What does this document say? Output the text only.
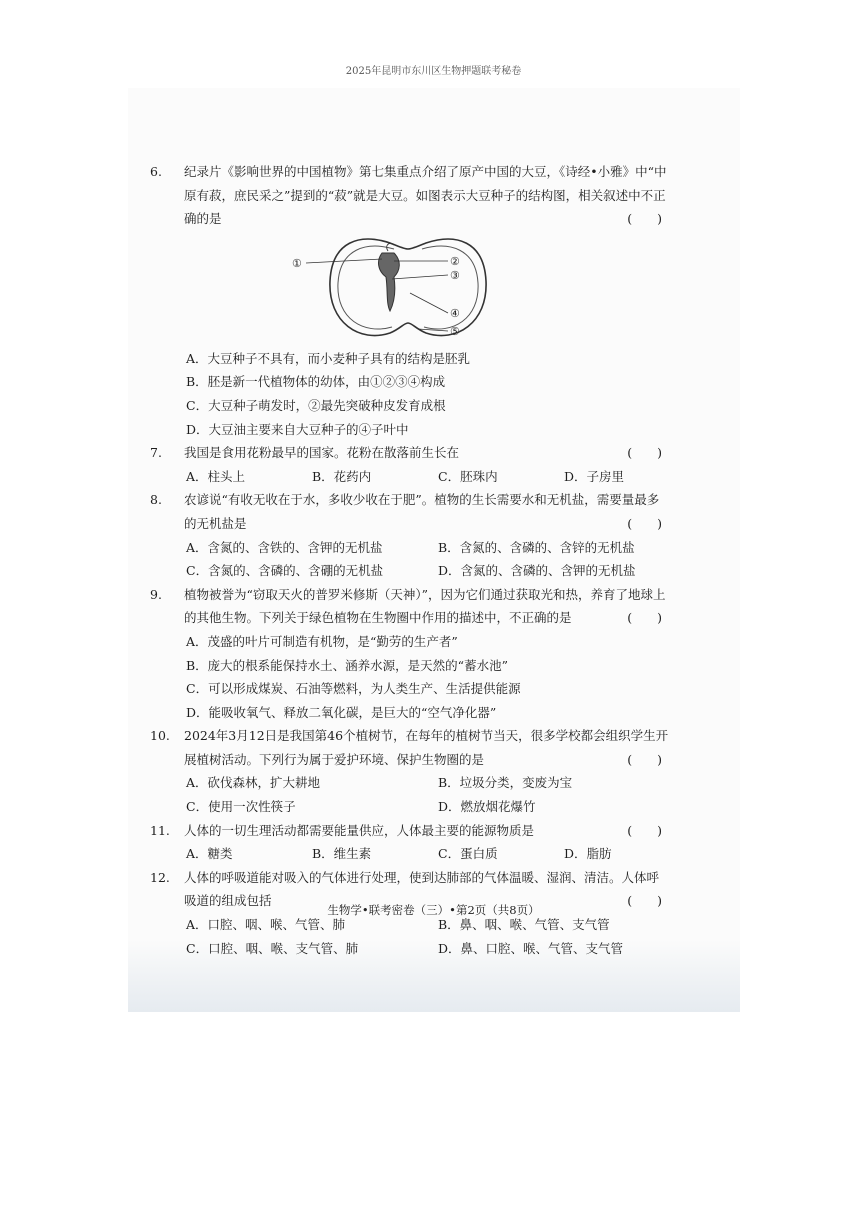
2025年昆明市东川区生物押题联考秘卷
6. 纪录片《影响世界的中国植物》第七集重点介绍了原产中国的大豆，《诗经•小雅》中“中原有菽，庶民采之”提到的“菽”就是大豆。如图表示大豆种子的结构图，相关叙述中不正确的是	(  )
①	②
③
④
⑤
A．大豆种子不具有，而小麦种子具有的结构是胚乳
B．胚是新一代植物体的幼体，由①②③④构成
C．大豆种子萌发时，②最先突破种皮发育成根
D．大豆油主要来自大豆种子的④子叶中
7. 我国是食用花粉最早的国家。花粉在散落前生长在	(  )
A．柱头上	B．花药内	C．胚珠内	D．子房里
8. 农谚说“有收无收在于水，多收少收在于肥”。植物的生长需要水和无机盐，需要量最多的无机盐是	(  )
A．含氮的、含铁的、含钾的无机盐	B．含氮的、含磷的、含锌的无机盐
C．含氮的、含磷的、含硼的无机盐	D．含氮的、含磷的、含钾的无机盐
9. 植物被誉为“窃取天火的普罗米修斯（天神）”，因为它们通过获取光和热，养育了地球上的其他生物。下列关于绿色植物在生物圈中作用的描述中，不正确的是	(  )
A．茂盛的叶片可制造有机物，是“勤劳的生产者”
B．庞大的根系能保持水土、涵养水源，是天然的“蓄水池”
C．可以形成煤炭、石油等燃料，为人类生产、生活提供能源
D．能吸收氧气、释放二氧化碳，是巨大的“空气净化器”
10. 2024年3月12日是我国第46个植树节，在每年的植树节当天，很多学校都会组织学生开展植树活动。下列行为属于爱护环境、保护生物圈的是	(  )
A．砍伐森林，扩大耕地	B．垃圾分类，变废为宝
C．使用一次性筷子	D．燃放烟花爆竹
11. 人体的一切生理活动都需要能量供应，人体最主要的能源物质是	(  )
A．糖类	B．维生素	C．蛋白质	D．脂肪
12. 人体的呼吸道能对吸入的气体进行处理，使到达肺部的气体温暖、湿润、清洁。人体呼吸道的组成包括	(  )
A．口腔、咽、喉、气管、肺	B．鼻、咽、喉、气管、支气管
C．口腔、咽、喉、支气管、肺	D．鼻、口腔、喉、气管、支气管
生物学•联考密卷（三）•第2页（共8页）
